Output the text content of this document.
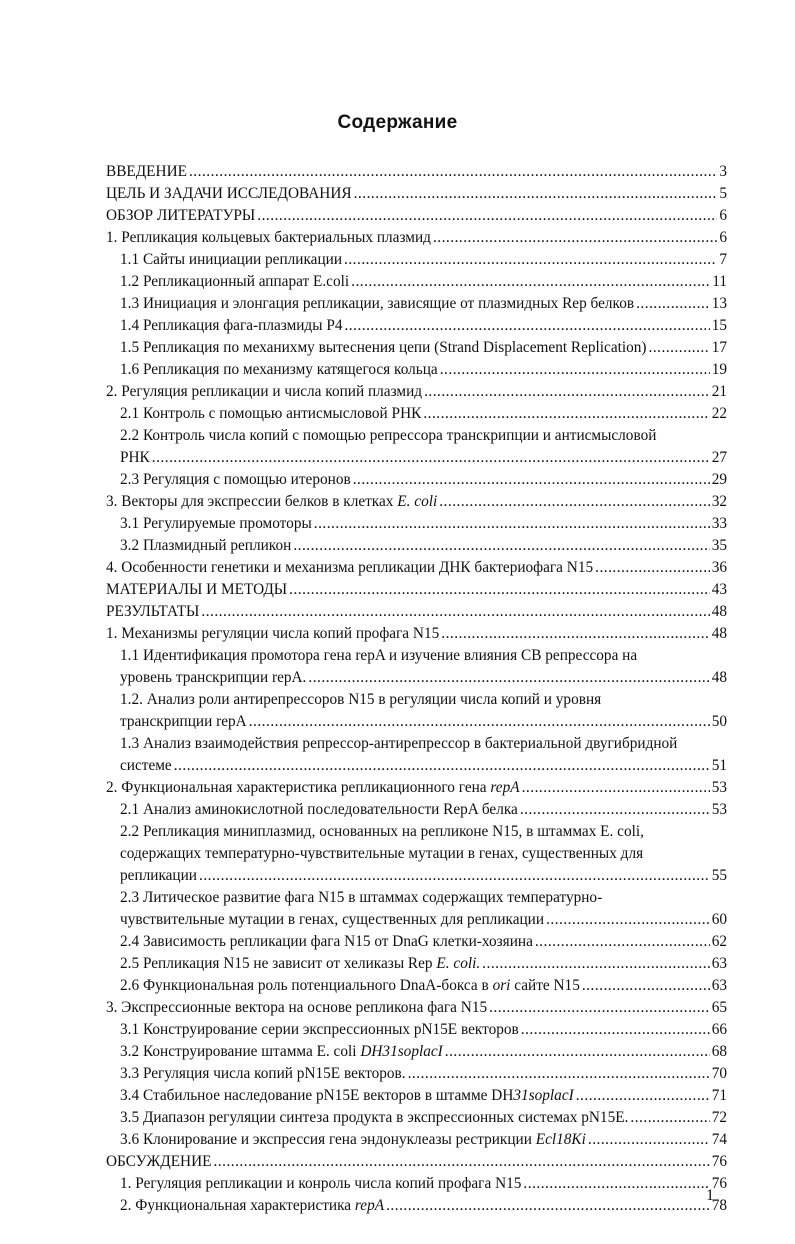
Содержание
ВВЕДЕНИЕ .....	3
ЦЕЛЬ И ЗАДАЧИ ИССЛЕДОВАНИЯ .....	5
ОБЗОР ЛИТЕРАТУРЫ .....	6
1. Репликация кольцевых бактериальных плазмид .....	6
1.1 Сайты инициации репликации .....	7
1.2 Репликационный аппарат E.coli .....	11
1.3 Инициация и элонгация репликации, зависящие от плазмидных Rep белков .....	13
1.4 Репликация фага-плазмиды P4 .....	15
1.5 Репликация по механихму вытеснения цепи (Strand Displacement Replication) .....	17
1.6 Репликация по механизму катящегося кольца .....	19
2. Регуляция репликации и числа копий плазмид .....	21
2.1 Контроль с помощью антисмысловой РНК .....	22
2.2 Контроль числа копий с помощью репрессора транскрипции и антисмысловой
РНК .....	27
2.3 Регуляция с помощью итеронов .....	29
3. Векторы для экспрессии белков в клетках E. coli .....	32
3.1 Регулируемые промоторы .....	33
3.2 Плазмидный репликон .....	35
4. Особенности генетики и механизма репликации ДНК бактериофага N15 .....	36
МАТЕРИАЛЫ И МЕТОДЫ .....	43
РЕЗУЛЬТАТЫ .....	48
1. Механизмы регуляции числа копий профага N15 .....	48
1.1 Идентификация промотора гена repA и изучение влияния CB репрессора на
уровень транскрипции repA. .....	48
1.2. Анализ роли антирепрессоров N15 в регуляции числа копий и уровня
транскрипции repA .....	50
1.3 Анализ взаимодействия репрессор-антирепрессор в бактериальной двугибридной
системе .....	51
2. Функциональная характеристика репликационного гена repA .....	53
2.1 Анализ аминокислотной последовательности RepA белка .....	53
2.2 Репликация миниплазмид, основанных на репликоне N15, в штаммах E. coli,
содержащих температурно-чувствительные мутации в генах, существенных для
репликации .....	55
2.3 Литическое развитие фага N15 в штаммах содержащих температурно-
чувствительные мутации в генах, существенных для репликации .....	60
2.4 Зависимость репликации фага N15 от DnaG клетки-хозяина .....	62
2.5 Репликация N15 не зависит от хеликазы Rep E. coli. .....	63
2.6 Функциональная роль потенциального DnaA-бокса в ori сайте N15 .....	63
3. Экспрессионные вектора на основе репликона фага N15 .....	65
3.1 Конструирование серии экспрессионных pN15E векторов .....	66
3.2 Конструирование штамма E. coli DH31soplacI .....	68
3.3 Регуляция числа копий pN15E векторов. .....	70
3.4 Стабильное наследование pN15E векторов в штамме DH31soplacI .....	71
3.5 Диапазон регуляции синтеза продукта в экспрессионных системах pN15E. .....	72
3.6 Клонирование и экспрессия гена эндонуклеазы рестрикции Ecl18Ki .....	74
ОБСУЖДЕНИЕ .....	76
1. Регуляция репликации и конроль числа копий профага N15 .....	76
2. Функциональная характеристика repA .....	78
1
